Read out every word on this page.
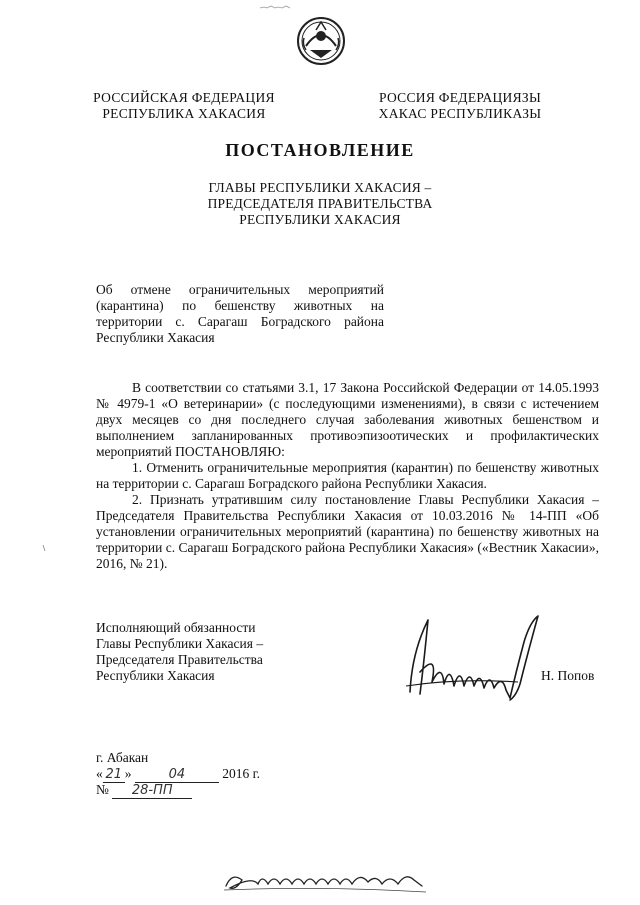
РОССИЙСКАЯ ФЕДЕРАЦИЯ
РЕСПУБЛИКА ХАКАСИЯ
РОССИЯ ФЕДЕРАЦИЯЗЫ
ХАКАС РЕСПУБЛИКАЗЫ
ПОСТАНОВЛЕНИЕ
ГЛАВЫ РЕСПУБЛИКИ ХАКАСИЯ –
ПРЕДСЕДАТЕЛЯ ПРАВИТЕЛЬСТВА
РЕСПУБЛИКИ ХАКАСИЯ
Об отмене ограничительных мероприятий (карантина) по бешенству животных на территории с. Сарагаш Боградского района Республики Хакасия

В соответствии со статьями 3.1, 17 Закона Российской Федерации от 14.05.1993 № 4979-1 «О ветеринарии» (с последующими изменениями), в связи с истечением двух месяцев со дня последнего случая заболевания животных бешенством и выполнением запланированных противоэпизоотических и профилактических мероприятий ПОСТАНОВЛЯЮ:

1. Отменить ограничительные мероприятия (карантин) по бешенству животных на территории с. Сарагаш Боградского района Республики Хакасия.

2. Признать утратившим силу постановление Главы Республики Хакасия – Председателя Правительства Республики Хакасия от 10.03.2016 № 14-ПП «Об установлении ограничительных мероприятий (карантина) по бешенству животных на территории с. Сарагаш Боградского района Республики Хакасия» («Вестник Хакасии», 2016, № 21).

Исполняющий обязанности
Главы Республики Хакасия –
Председателя Правительства
Республики Хакасия	Н. Попов
г. Абакан
« 21 »	04	2016 г.
№ 28-ПП
